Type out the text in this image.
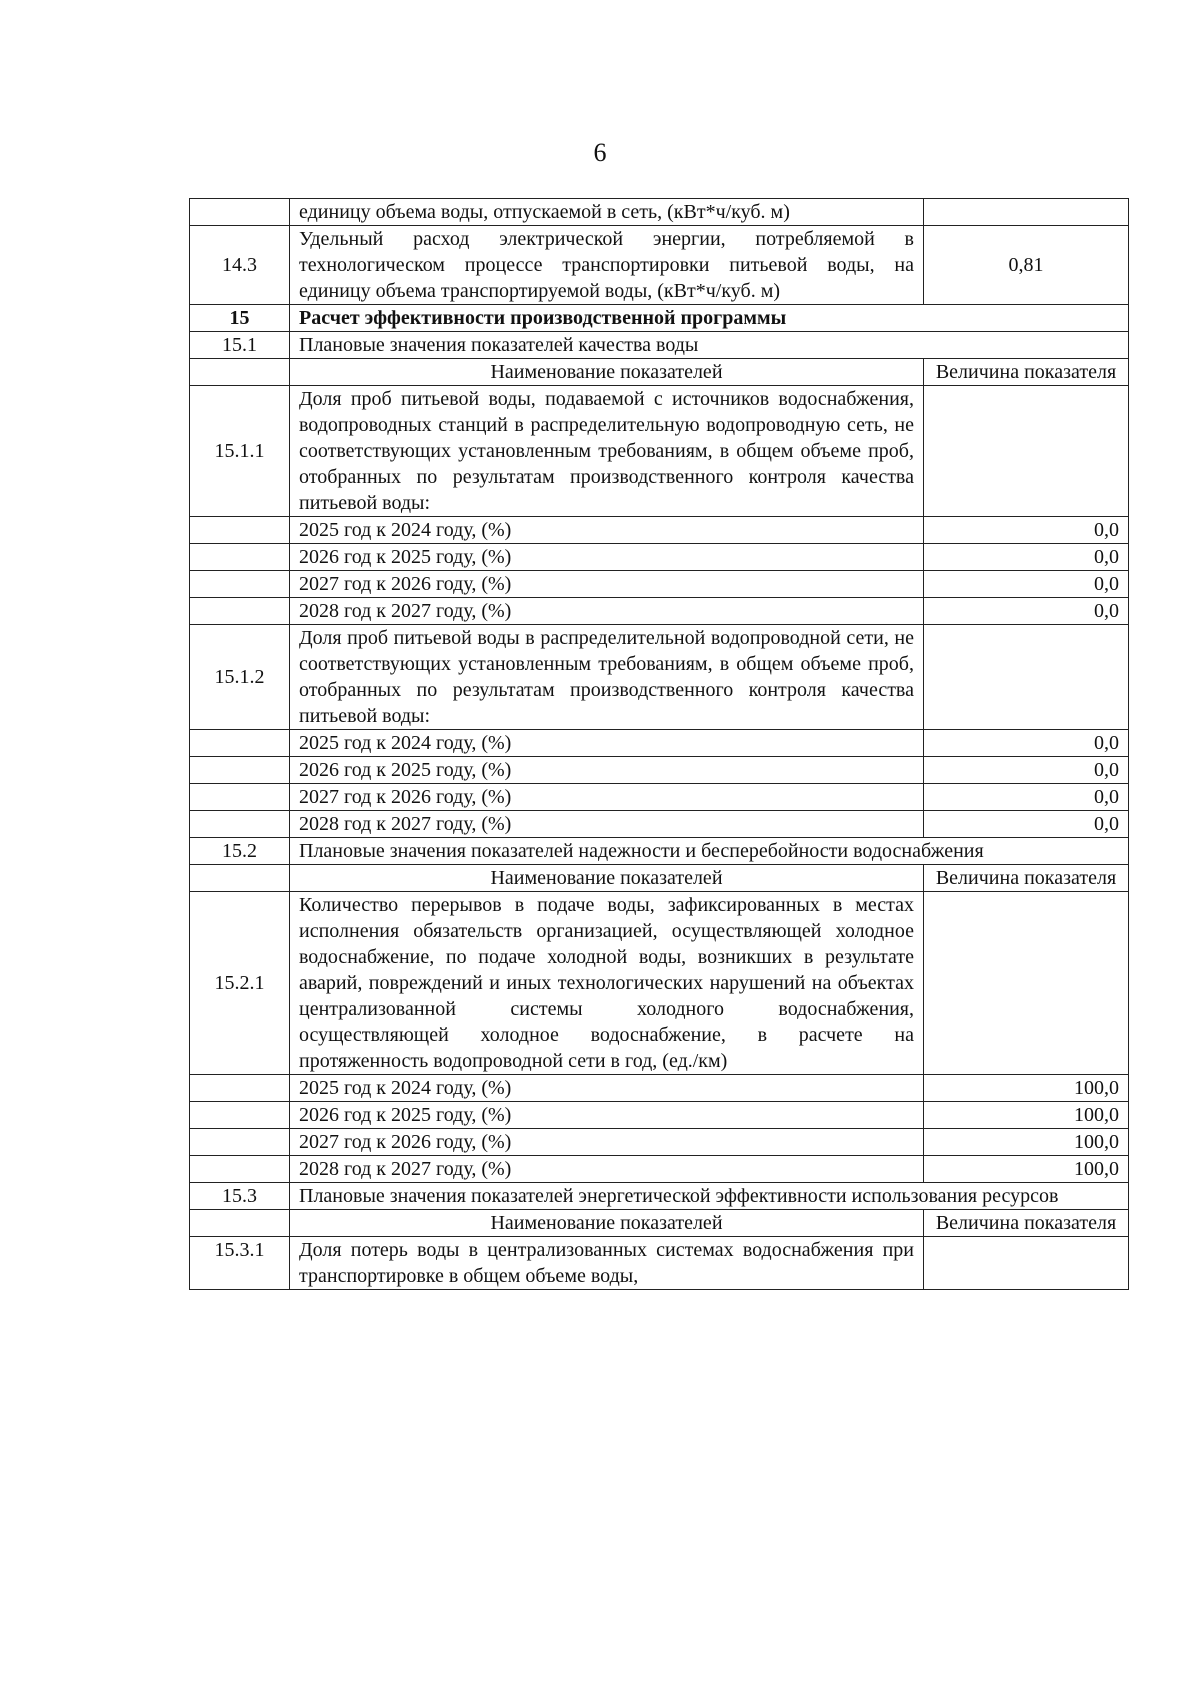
6
	единицу объема воды, отпускаемой в сеть, (кВт*ч/куб. м)	
14.3	Удельный расход электрической энергии, потребляемой в технологическом процессе транспортировки питьевой воды, на единицу объема транспортируемой воды, (кВт*ч/куб. м)	0,81
15	Расчет эффективности производственной программы	
15.1	Плановые значения показателей качества воды	
	Наименование показателей	Величина показателя
15.1.1	Доля проб питьевой воды, подаваемой с источников водоснабжения, водопроводных станций в распределительную водопроводную сеть, не соответствующих установленным требованиям, в общем объеме проб, отобранных по результатам производственного контроля качества питьевой воды:	
	2025 год к 2024 году, (%)	0,0
	2026 год к 2025 году, (%)	0,0
	2027 год к 2026 году, (%)	0,0
	2028 год к 2027 году, (%)	0,0
15.1.2	Доля проб питьевой воды в распределительной водопроводной сети, не соответствующих установленным требованиям, в общем объеме проб, отобранных по результатам производственного контроля качества питьевой воды:	
	2025 год к 2024 году, (%)	0,0
	2026 год к 2025 году, (%)	0,0
	2027 год к 2026 году, (%)	0,0
	2028 год к 2027 году, (%)	0,0
15.2	Плановые значения показателей надежности и бесперебойности водоснабжения	
	Наименование показателей	Величина показателя
15.2.1	Количество перерывов в подаче воды, зафиксированных в местах исполнения обязательств организацией, осуществляющей холодное водоснабжение, по подаче холодной воды, возникших в результате аварий, повреждений и иных технологических нарушений на объектах централизованной системы холодного водоснабжения, осуществляющей холодное водоснабжение, в расчете на протяженность водопроводной сети в год, (ед./км)	
	2025 год к 2024 году, (%)	100,0
	2026 год к 2025 году, (%)	100,0
	2027 год к 2026 году, (%)	100,0
	2028 год к 2027 году, (%)	100,0
15.3	Плановые значения показателей энергетической эффективности использования ресурсов	
	Наименование показателей	Величина показателя
15.3.1	Доля потерь воды в централизованных системах водоснабжения при транспортировке в общем объеме воды,	
